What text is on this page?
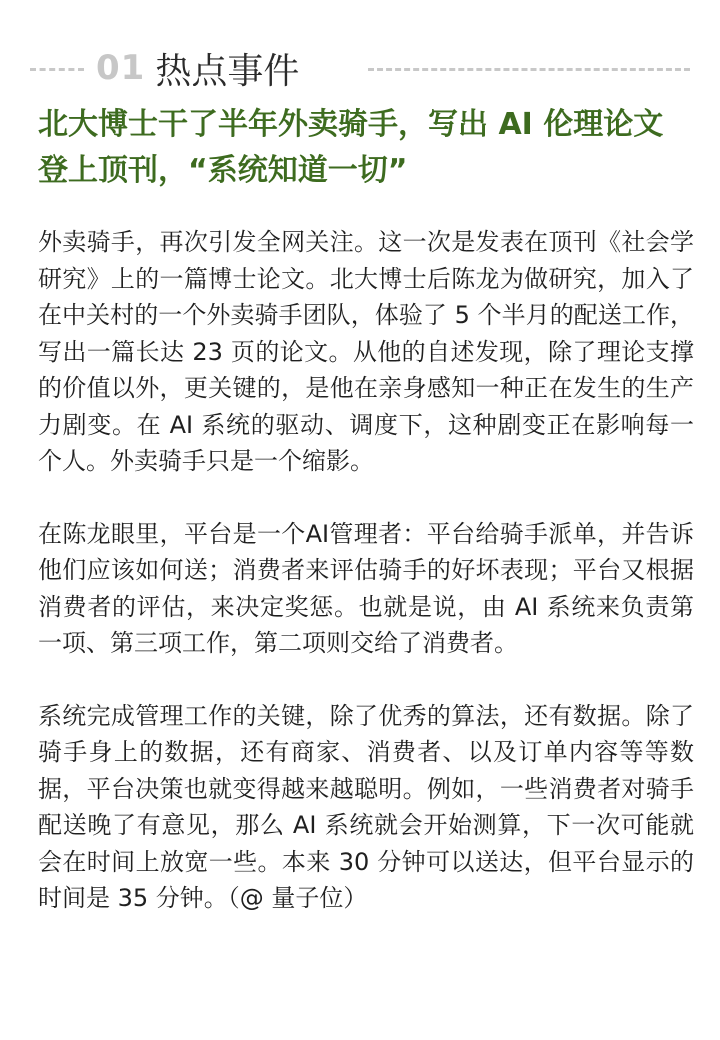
01 热点事件
北大博士干了半年外卖骑手，写出 AI 伦理论文登上顶刊，“系统知道一切”

外卖骑手，再次引发全网关注。这一次是发表在顶刊《社会学研究》上的一篇博士论文。北大博士后陈龙为做研究，加入了在中关村的一个外卖骑手团队，体验了 5 个半月的配送工作，写出一篇长达 23 页的论文。从他的自述发现，除了理论支撑的价值以外，更关键的，是他在亲身感知一种正在发生的生产力剧变。在 AI 系统的驱动、调度下，这种剧变正在影响每一个人。外卖骑手只是一个缩影。

在陈龙眼里，平台是一个AI管理者：平台给骑手派单，并告诉他们应该如何送；消费者来评估骑手的好坏表现；平台又根据消费者的评估，来决定奖惩。也就是说，由 AI 系统来负责第一项、第三项工作，第二项则交给了消费者。

系统完成管理工作的关键，除了优秀的算法，还有数据。除了骑手身上的数据，还有商家、消费者、以及订单内容等等数据，平台决策也就变得越来越聪明。例如，一些消费者对骑手配送晚了有意见，那么 AI 系统就会开始测算，下一次可能就会在时间上放宽一些。本来 30 分钟可以送达，但平台显示的时间是 35 分钟。（@ 量子位）
